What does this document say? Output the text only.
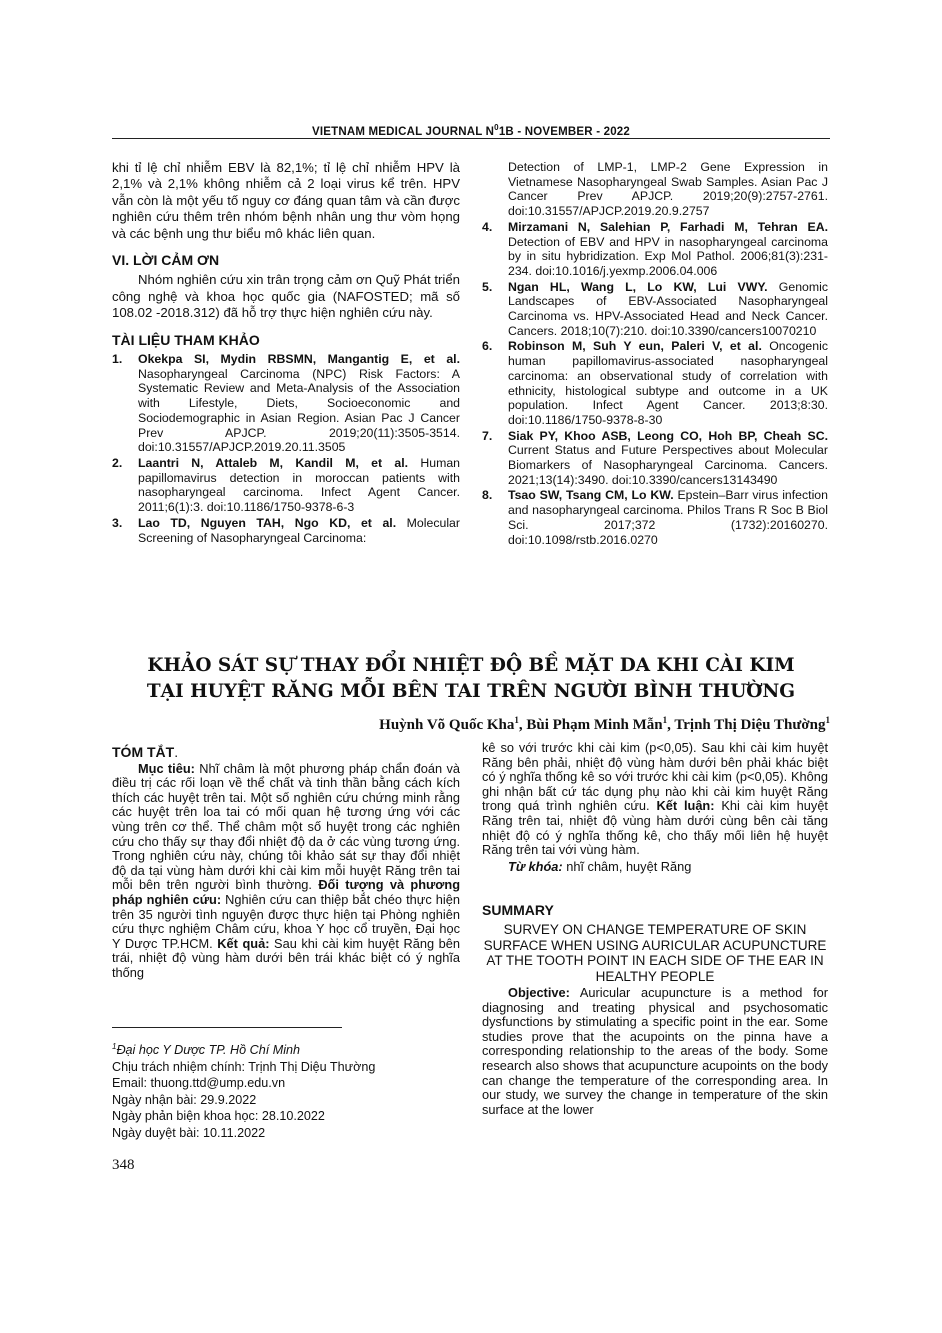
VIETNAM MEDICAL JOURNAL $N^01B$ - NOVEMBER - 2022

khi tỉ lệ chỉ nhiễm EBV là 82,1%; tỉ lệ chỉ nhiễm HPV là 2,1% và 2,1% không nhiễm cả 2 loại virus kể trên. HPV vẫn còn là một yếu tố nguy cơ đáng quan tâm và cần được nghiên cứu thêm trên nhóm bệnh nhân ung thư vòm họng và các bệnh ung thư biểu mô khác liên quan.

VI. LỜI CẢM ƠN

Nhóm nghiên cứu xin trân trọng cảm ơn Quỹ Phát triển công nghệ và khoa học quốc gia (NAFOSTED; mã số 108.02 -2018.312) đã hỗ trợ thực hiện nghiên cứu này.

TÀI LIỆU THAM KHẢO
1.	Okekpa SI, Mydin RBSMN, Mangantig E, et al. Nasopharyngeal Carcinoma (NPC) Risk Factors: A Systematic Review and Meta-Analysis of the Association with Lifestyle, Diets, Socioeconomic and Sociodemographic in Asian Region. Asian Pac J Cancer Prev APJCP. 2019;20(11):3505-3514. doi:10.31557/APJCP.2019.20.11.3505
2.	Laantri N, Attaleb M, Kandil M, et al. Human papillomavirus detection in moroccan patients with nasopharyngeal carcinoma. Infect Agent Cancer. 2011;6(1):3. doi:10.1186/1750-9378-6-3
3.	Lao TD, Nguyen TAH, Ngo KD, et al. Molecular Screening of Nasopharyngeal Carcinoma:
Detection of LMP-1, LMP-2 Gene Expression in Vietnamese Nasopharyngeal Swab Samples. Asian Pac J Cancer Prev APJCP. 2019;20(9):2757-2761. doi:10.31557/APJCP.2019.20.9.2757
4.	Mirzamani N, Salehian P, Farhadi M, Tehran EA. Detection of EBV and HPV in nasopharyngeal carcinoma by in situ hybridization. Exp Mol Pathol. 2006;81(3):231-234. doi:10.1016/j.yexmp.2006.04.006
5.	Ngan HL, Wang L, Lo KW, Lui VWY. Genomic Landscapes of EBV-Associated Nasopharyngeal Carcinoma vs. HPV-Associated Head and Neck Cancer. Cancers. 2018;10(7):210. doi:10.3390/cancers10070210
6.	Robinson M, Suh Y eun, Paleri V, et al. Oncogenic human papillomavirus-associated nasopharyngeal carcinoma: an observational study of correlation with ethnicity, histological subtype and outcome in a UK population. Infect Agent Cancer. 2013;8:30. doi:10.1186/1750-9378-8-30
7.	Siak PY, Khoo ASB, Leong CO, Hoh BP, Cheah SC. Current Status and Future Perspectives about Molecular Biomarkers of Nasopharyngeal Carcinoma. Cancers. 2021;13(14):3490. doi:10.3390/cancers13143490
8.	Tsao SW, Tsang CM, Lo KW. Epstein–Barr virus infection and nasopharyngeal carcinoma. Philos Trans R Soc B Biol Sci. 2017;372 (1732):20160270. doi:10.1098/rstb.2016.0270
KHẢO SÁT SỰ THAY ĐỔI NHIỆT ĐỘ BỀ MẶT DA KHI CÀI KIM
TẠI HUYỆT RĂNG MỖI BÊN TAI TRÊN NGƯỜI BÌNH THƯỜNG
Huỳnh Võ Quốc Kha$^1$, Bùi Phạm Minh Mẫn$^1$, Trịnh Thị Diệu Thường$^1$
TÓM TẮT.

Mục tiêu: Nhĩ châm là một phương pháp chẩn đoán và điều trị các rối loạn về thể chất và tinh thần bằng cách kích thích các huyệt trên tai. Một số nghiên cứu chứng minh rằng các huyệt trên loa tai có mối quan hệ tương ứng với các vùng trên cơ thể. Thể châm một số huyệt trong các nghiên cứu cho thấy sự thay đổi nhiệt độ da ở các vùng tương ứng. Trong nghiên cứu này, chúng tôi khảo sát sự thay đổi nhiệt độ da tại vùng hàm dưới khi cài kim mỗi huyệt Răng trên tai mỗi bên trên người bình thường. Đối tượng và phương pháp nghiên cứu: Nghiên cứu can thiệp bắt chéo thực hiện trên 35 người tình nguyện được thực hiện tại Phòng nghiên cứu thực nghiệm Châm cứu, khoa Y học cổ truyền, Đại học Y Dược TP.HCM. Kết quả: Sau khi cài kim huyệt Răng bên trái, nhiệt độ vùng hàm dưới bên trái khác biệt có ý nghĩa thống

kê so với trước khi cài kim (p<0,05). Sau khi cài kim huyệt Răng bên phải, nhiệt độ vùng hàm dưới bên phải khác biệt có ý nghĩa thống kê so với trước khi cài kim (p<0,05). Không ghi nhận bất cứ tác dụng phụ nào khi cài kim huyệt Răng trong quá trình nghiên cứu. Kết luận: Khi cài kim huyệt Răng trên tai, nhiệt độ vùng hàm dưới cùng bên cài tăng nhiệt độ có ý nghĩa thống kê, cho thấy mối liên hệ huyệt Răng trên tai với vùng hàm.

Từ khóa: nhĩ châm, huyệt Răng

SUMMARY
SURVEY ON CHANGE TEMPERATURE OF SKIN SURFACE WHEN USING AURICULAR ACUPUNCTURE AT THE TOOTH POINT IN EACH SIDE OF THE EAR IN HEALTHY PEOPLE

Objective: Auricular acupuncture is a method for diagnosing and treating physical and psychosomatic dysfunctions by stimulating a specific point in the ear. Some studies prove that the acupoints on the pinna have a corresponding relationship to the areas of the body. Some research also shows that acupuncture acupoints on the body can change the temperature of the corresponding area. In our study, we survey the change in temperature of the skin surface at the lower

$^1$Đại học Y Dược TP. Hồ Chí Minh
Chịu trách nhiệm chính: Trịnh Thị Diệu Thường
Email: thuong.ttd@ump.edu.vn
Ngày nhận bài: 29.9.2022
Ngày phản biện khoa học: 28.10.2022
Ngày duyệt bài: 10.11.2022
348
